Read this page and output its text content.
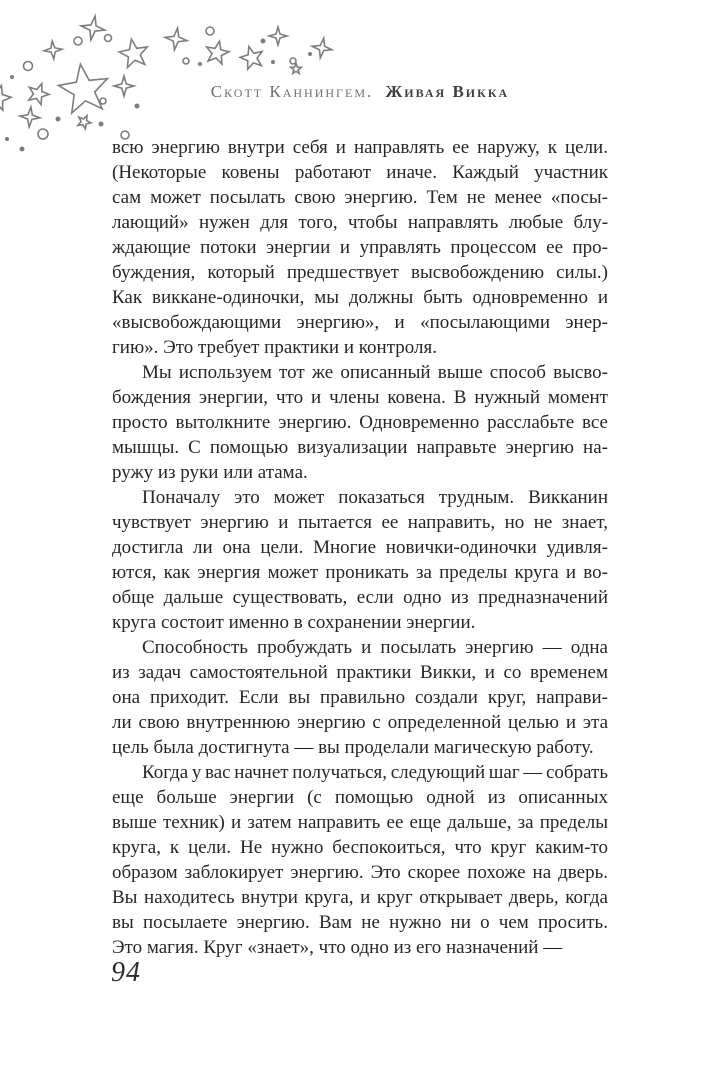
Скотт Каннингем. Живая Викка
всю энергию внутри себя и направлять ее наружу, к цели.
(Некоторые ковены работают иначе. Каждый участник
сам может посылать свою энергию. Тем не менее «посы-
лающий» нужен для того, чтобы направлять любые блу-
ждающие потоки энергии и управлять процессом ее про-
буждения, который предшествует высвобождению силы.)
Как виккане-одиночки, мы должны быть одновременно и
«высвобождающими энергию», и «посылающими энер-
гию». Это требует практики и контроля.
Мы используем тот же описанный выше способ высво-
бождения энергии, что и члены ковена. В нужный момент
просто вытолкните энергию. Одновременно расслабьте все
мышцы. С помощью визуализации направьте энергию на-
ружу из руки или атама.
Поначалу это может показаться трудным. Викканин
чувствует энергию и пытается ее направить, но не знает,
достигла ли она цели. Многие новички-одиночки удивля-
ются, как энергия может проникать за пределы круга и во-
обще дальше существовать, если одно из предназначений
круга состоит именно в сохранении энергии.
Способность пробуждать и посылать энергию — одна
из задач самостоятельной практики Викки, и со временем
она приходит. Если вы правильно создали круг, направи-
ли свою внутреннюю энергию с определенной целью и эта
цель была достигнута — вы проделали магическую работу.
Когда у вас начнет получаться, следующий шаг — собрать
еще больше энергии (с помощью одной из описанных
выше техник) и затем направить ее еще дальше, за пределы
круга, к цели. Не нужно беспокоиться, что круг каким-то
образом заблокирует энергию. Это скорее похоже на дверь.
Вы находитесь внутри круга, и круг открывает дверь, когда
вы посылаете энергию. Вам не нужно ни о чем просить.
Это магия. Круг «знает», что одно из его назначений —
94
